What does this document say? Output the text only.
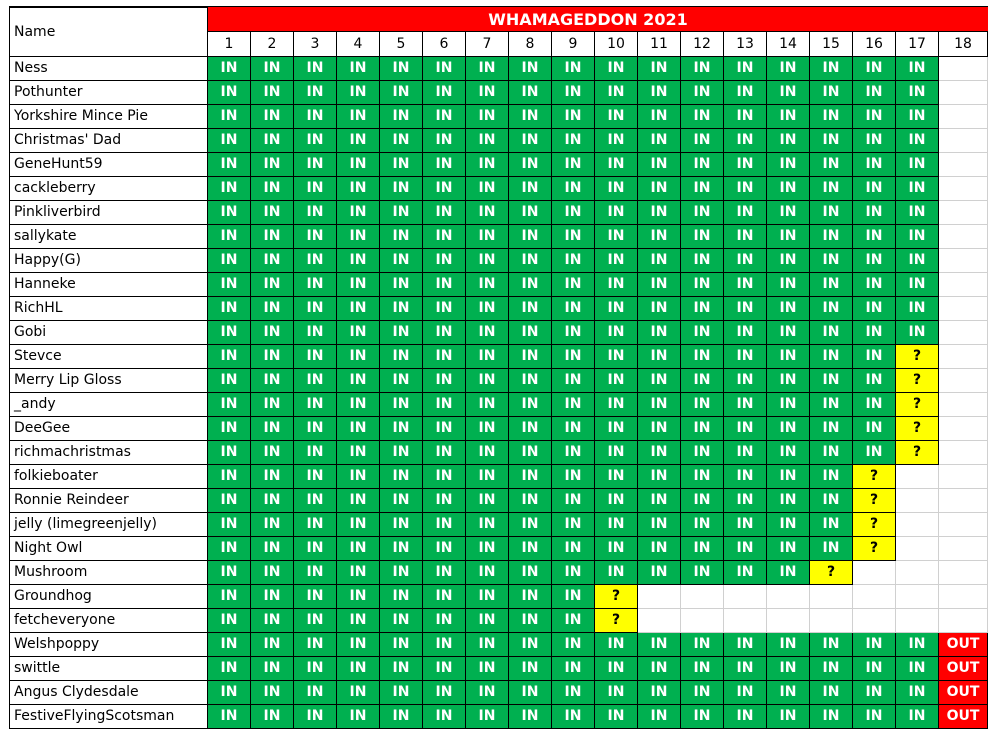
Name
WHAMAGEDDON 2021
1	2	3	4	5	6	7	8	9	10	11	12	13	14	15	16	17	18
Ness	IN	IN	IN	IN	IN	IN	IN	IN	IN	IN	IN	IN	IN	IN	IN	IN	IN
Pothunter	IN	IN	IN	IN	IN	IN	IN	IN	IN	IN	IN	IN	IN	IN	IN	IN	IN
Yorkshire Mince Pie	IN	IN	IN	IN	IN	IN	IN	IN	IN	IN	IN	IN	IN	IN	IN	IN	IN
Christmas' Dad	IN	IN	IN	IN	IN	IN	IN	IN	IN	IN	IN	IN	IN	IN	IN	IN	IN
GeneHunt59	IN	IN	IN	IN	IN	IN	IN	IN	IN	IN	IN	IN	IN	IN	IN	IN	IN
cackleberry	IN	IN	IN	IN	IN	IN	IN	IN	IN	IN	IN	IN	IN	IN	IN	IN	IN
Pinkliverbird	IN	IN	IN	IN	IN	IN	IN	IN	IN	IN	IN	IN	IN	IN	IN	IN	IN
sallykate	IN	IN	IN	IN	IN	IN	IN	IN	IN	IN	IN	IN	IN	IN	IN	IN	IN
Happy(G)	IN	IN	IN	IN	IN	IN	IN	IN	IN	IN	IN	IN	IN	IN	IN	IN	IN
Hanneke	IN	IN	IN	IN	IN	IN	IN	IN	IN	IN	IN	IN	IN	IN	IN	IN	IN
RichHL	IN	IN	IN	IN	IN	IN	IN	IN	IN	IN	IN	IN	IN	IN	IN	IN	IN
Gobi	IN	IN	IN	IN	IN	IN	IN	IN	IN	IN	IN	IN	IN	IN	IN	IN	IN
Stevce	IN	IN	IN	IN	IN	IN	IN	IN	IN	IN	IN	IN	IN	IN	IN	IN	?
Merry Lip Gloss	IN	IN	IN	IN	IN	IN	IN	IN	IN	IN	IN	IN	IN	IN	IN	IN	?
_andy	IN	IN	IN	IN	IN	IN	IN	IN	IN	IN	IN	IN	IN	IN	IN	IN	?
DeeGee	IN	IN	IN	IN	IN	IN	IN	IN	IN	IN	IN	IN	IN	IN	IN	IN	?
richmachristmas	IN	IN	IN	IN	IN	IN	IN	IN	IN	IN	IN	IN	IN	IN	IN	IN	?
folkieboater	IN	IN	IN	IN	IN	IN	IN	IN	IN	IN	IN	IN	IN	IN	IN	?
Ronnie Reindeer	IN	IN	IN	IN	IN	IN	IN	IN	IN	IN	IN	IN	IN	IN	IN	?
jelly (limegreenjelly)	IN	IN	IN	IN	IN	IN	IN	IN	IN	IN	IN	IN	IN	IN	IN	?
Night Owl	IN	IN	IN	IN	IN	IN	IN	IN	IN	IN	IN	IN	IN	IN	IN	?
Mushroom	IN	IN	IN	IN	IN	IN	IN	IN	IN	IN	IN	IN	IN	IN	?
Groundhog	IN	IN	IN	IN	IN	IN	IN	IN	IN	?
fetcheveryone	IN	IN	IN	IN	IN	IN	IN	IN	IN	?
Welshpoppy	IN	IN	IN	IN	IN	IN	IN	IN	IN	IN	IN	IN	IN	IN	IN	IN	IN	OUT
swittle	IN	IN	IN	IN	IN	IN	IN	IN	IN	IN	IN	IN	IN	IN	IN	IN	IN	OUT
Angus Clydesdale	IN	IN	IN	IN	IN	IN	IN	IN	IN	IN	IN	IN	IN	IN	IN	IN	IN	OUT
FestiveFlyingScotsman	IN	IN	IN	IN	IN	IN	IN	IN	IN	IN	IN	IN	IN	IN	IN	IN	IN	OUT
